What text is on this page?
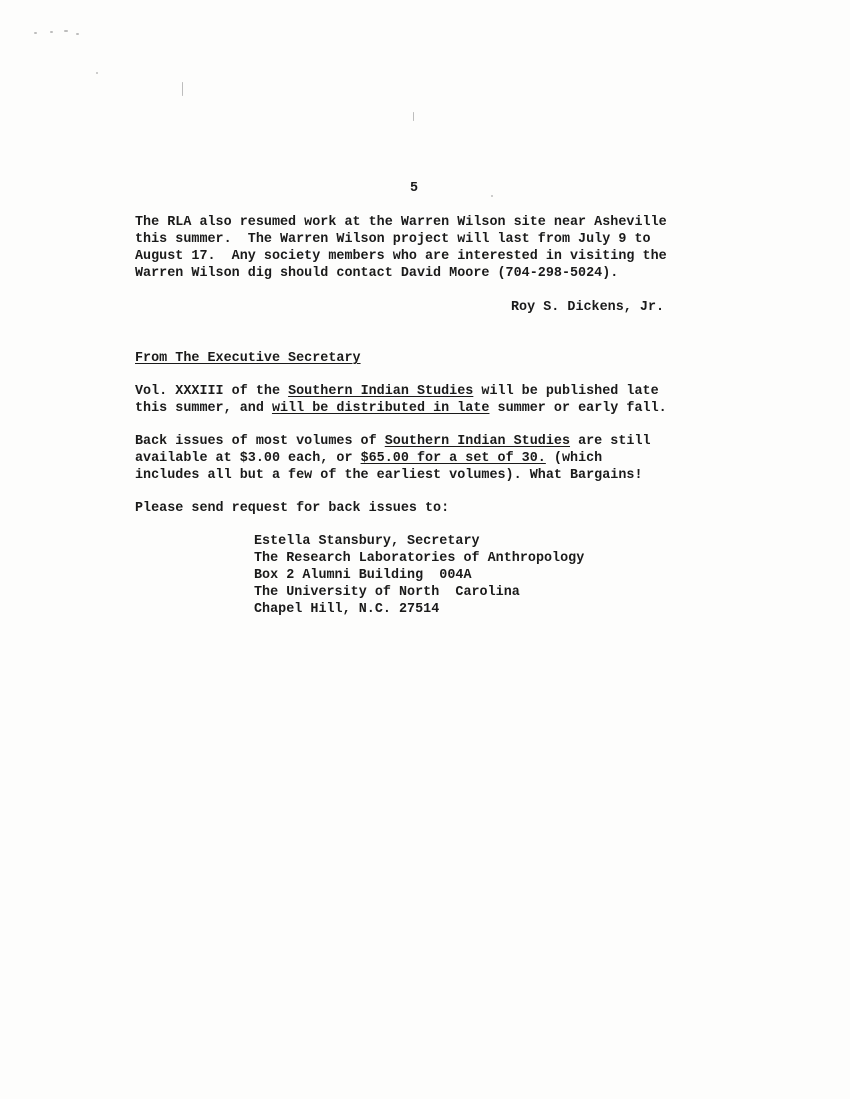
5
The RLA also resumed work at the Warren Wilson site near Asheville
this summer.  The Warren Wilson project will last from July 9 to
August 17.  Any society members who are interested in visiting the
Warren Wilson dig should contact David Moore (704-298-5024).
Roy S. Dickens, Jr.
From The Executive Secretary
Vol. XXXIII of the Southern Indian Studies will be published late
this summer, and will be distributed in late summer or early fall.
Back issues of most volumes of Southern Indian Studies are still
available at $3.00 each, or $65.00 for a set of 30. (which
includes all but a few of the earliest volumes). What Bargains!
Please send request for back issues to:
Estella Stansbury, Secretary
The Research Laboratories of Anthropology
Box 2 Alumni Building  004A
The University of North  Carolina
Chapel Hill, N.C. 27514
